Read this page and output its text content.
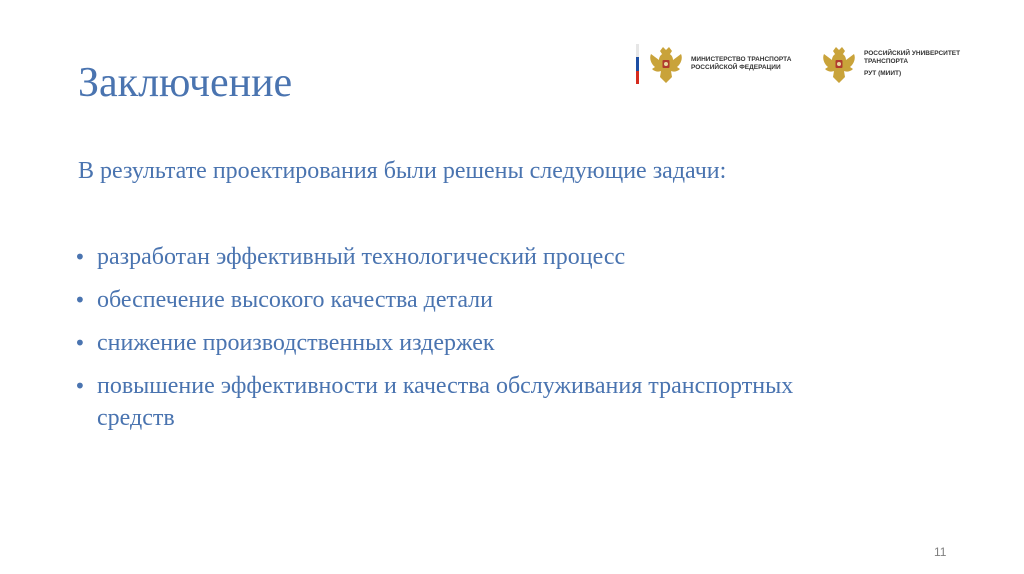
МИНИСТЕРСТВО ТРАНСПОРТА
РОССИЙСКОЙ ФЕДЕРАЦИИ
РОССИЙСКИЙ УНИВЕРСИТЕТ
ТРАНСПОРТА
РУТ (МИИТ)
Заключение
В результате проектирования были решены следующие задачи:
• разработан эффективный технологический процесс
• обеспечение высокого качества детали
• снижение производственных издержек
• повышение эффективности и качества обслуживания транспортных средств
11
